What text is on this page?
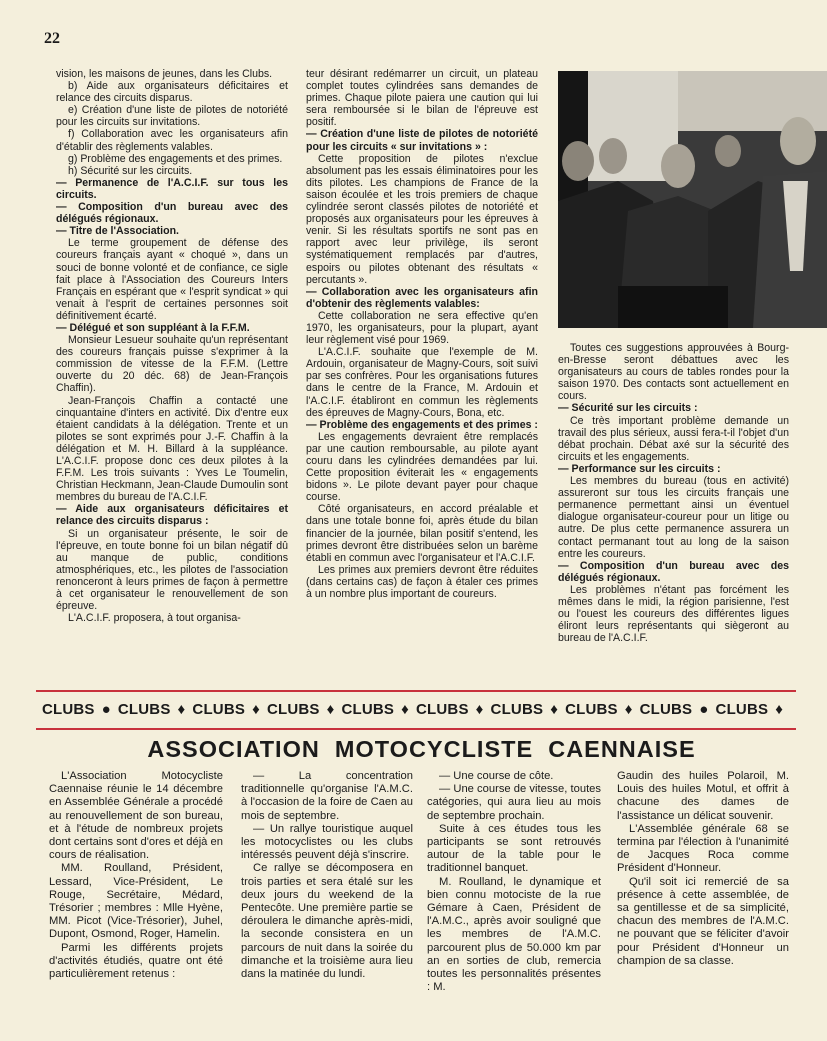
22

vision, les maisons de jeunes, dans les Clubs.

b) Aide aux organisateurs déficitaires et relance des circuits disparus.

e) Création d'une liste de pilotes de notoriété pour les circuits sur invitations.

f) Collaboration avec les organisateurs afin d'établir des règlements valables.

g) Problème des engagements et des primes.

h) Sécurité sur les circuits.

— Permanence de l'A.C.I.F. sur tous les circuits.

— Composition d'un bureau avec des délégués régionaux.

— Titre de l'Association.

Le terme groupement de défense des coureurs français ayant « choqué », dans un souci de bonne volonté et de confiance, ce sigle fait place à l'Association des Coureurs Inters Français en espérant que « l'esprit syndicat » qui venait à l'esprit de certaines personnes soit définitivement écarté.

— Délégué et son suppléant à la F.F.M.

Monsieur Lesueur souhaite qu'un représentant des coureurs français puisse s'exprimer à la commission de vitesse de la F.F.M. (Lettre ouverte du 20 déc. 68) de Jean-François Chaffin).

Jean-François Chaffin a contacté une cinquantaine d'inters en activité. Dix d'entre eux étaient candidats à la délégation. Trente et un pilotes se sont exprimés pour J.-F. Chaffin à la délégation et M. H. Billard à la suppléance. L'A.C.I.F. propose donc ces deux pilotes à la F.F.M. Les trois suivants : Yves Le Toumelin, Christian Heckmann, Jean-Claude Dumoulin sont membres du bureau de l'A.C.I.F.

— Aide aux organisateurs déficitaires et relance des circuits disparus :

Si un organisateur présente, le soir de l'épreuve, en toute bonne foi un bilan négatif dû au manque de public, conditions atmosphériques, etc., les pilotes de l'association renonceront à leurs primes de façon à permettre à cet organisateur le renouvellement de son épreuve.

L'A.C.I.F. proposera, à tout organisa-

teur désirant redémarrer un circuit, un plateau complet toutes cylindrées sans demandes de primes. Chaque pilote paiera une caution qui lui sera remboursée si le bilan de l'épreuve est positif.

— Création d'une liste de pilotes de notoriété pour les circuits « sur invitations » :

Cette proposition de pilotes n'exclue absolument pas les essais éliminatoires pour les dits pilotes. Les champions de France de la saison écoulée et les trois premiers de chaque cylindrée seront classés pilotes de notoriété et proposés aux organisateurs pour les épreuves à venir. Si les résultats sportifs ne sont pas en rapport avec leur privilège, ils seront systématiquement remplacés par d'autres, espoirs ou pilotes obtenant des résultats « percutants ».

— Collaboration avec les organisateurs afin d'obtenir des règlements valables:

Cette collaboration ne sera effective qu'en 1970, les organisateurs, pour la plupart, ayant leur règlement visé pour 1969.

L'A.C.I.F. souhaite que l'exemple de M. Ardouin, organisateur de Magny-Cours, soit suivi par ses confrères. Pour les organisations futures dans le centre de la France, M. Ardouin et l'A.C.I.F. établiront en commun les règlements des épreuves de Magny-Cours, Bona, etc.

— Problème des engagements et des primes :

Les engagements devraient être remplacés par une caution remboursable, au pilote ayant couru dans les cylindrées demandées par lui. Cette proposition éviterait les « engagements bidons ». Le pilote devant payer pour chaque course.

Côté organisateurs, en accord préalable et dans une totale bonne foi, après étude du bilan financier de la journée, bilan positif s'entend, les primes devront être distribuées selon un barème établi en commun avec l'organisateur et l'A.C.I.F.

Les primes aux premiers devront être réduites (dans certains cas) de façon à étaler ces primes à un nombre plus important de coureurs.

Toutes ces suggestions approuvées à Bourg-en-Bresse seront débattues avec les organisateurs au cours de tables rondes pour la saison 1970. Des contacts sont actuellement en cours.

— Sécurité sur les circuits :

Ce très important problème demande un travail des plus sérieux, aussi fera-t-il l'objet d'un débat prochain. Débat axé sur la sécurité des circuits et les engagements.

— Performance sur les circuits :

Les membres du bureau (tous en activité) assureront sur tous les circuits français une permanence permettant ainsi un éventuel dialogue organisateur-coureur pour un litige ou autre. De plus cette permanence assurera un contact permanant tout au long de la saison entre les coureurs.

— Composition d'un bureau avec des délégués régionaux.

Les problèmes n'étant pas forcément les mêmes dans le midi, la région parisienne, l'est ou l'ouest les coureurs des différentes ligues éliront leurs représentants qui siègeront au bureau de l'A.C.I.F.

CLUBS ● CLUBS ♦ CLUBS ♦ CLUBS ♦ CLUBS ♦ CLUBS ♦ CLUBS ♦ CLUBS ♦ CLUBS ● CLUBS ♦
ASSOCIATION  MOTOCYCLISTE  CAENNAISE

L'Association Motocycliste Caennaise réunie le 14 décembre en Assemblée Générale a procédé au renouvellement de son bureau, et à l'étude de nombreux projets dont certains sont d'ores et déjà en cours de réalisation.

MM. Roulland, Président, Lessard, Vice-Président, Le Rouge, Secrétaire, Médard, Trésorier ; membres : Mlle Hyène, MM. Picot (Vice-Trésorier), Juhel, Dupont, Osmond, Roger, Hamelin.

Parmi les différents projets d'activités étudiés, quatre ont été particulièrement retenus :

— La concentration traditionnelle qu'organise l'A.M.C. à l'occasion de la foire de Caen au mois de septembre.

— Un rallye touristique auquel les motocyclistes ou les clubs intéressés peuvent déjà s'inscrire.

Ce rallye se décomposera en trois parties et sera étalé sur les deux jours du weekend de la Pentecôte. Une première partie se déroulera le dimanche après-midi, la seconde consistera en un parcours de nuit dans la soirée du dimanche et la troisième aura lieu dans la matinée du lundi.

— Une course de côte.

— Une course de vitesse, toutes catégories, qui aura lieu au mois de septembre prochain.

Suite à ces études tous les participants se sont retrouvés autour de la table pour le traditionnel banquet.

M. Roulland, le dynamique et bien connu motociste de la rue Gémare à Caen, Président de l'A.M.C., après avoir souligné que les membres de l'A.M.C. parcourent plus de 50.000 km par an en sorties de club, remercia toutes les personnalités présentes : M.

Gaudin des huiles Polaroil, M. Louis des huiles Motul, et offrit à chacune des dames de l'assistance un délicat souvenir.

L'Assemblée générale 68 se termina par l'élection à l'unanimité de Jacques Roca comme Président d'Honneur.

Qu'il soit ici remercié de sa présence à cette assemblée, de sa gentillesse et de sa simplicité, chacun des membres de l'A.M.C. ne pouvant que se féliciter d'avoir pour Président d'Honneur un champion de sa classe.
